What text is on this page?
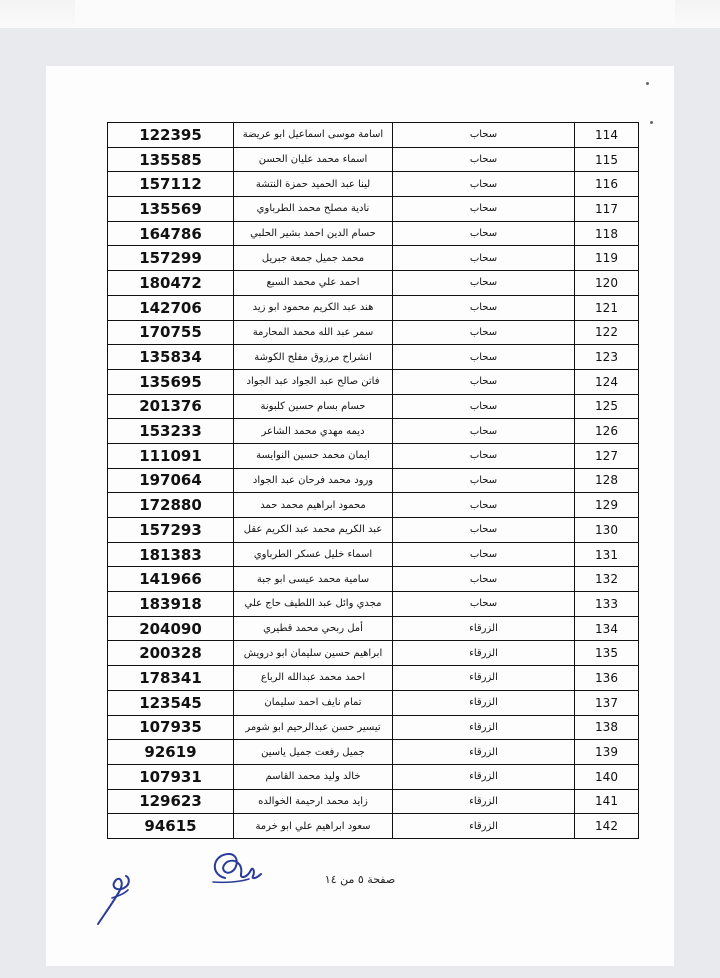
122395	اسامة موسى اسماعيل ابو عريضة	سحاب	114
135585	اسماء محمد عليان الحسن	سحاب	115
157112	لينا عبد الحميد حمزة النتشة	سحاب	116
135569	نادية مصلح محمد الطرباوي	سحاب	117
164786	حسام الدين احمد بشير الحلبي	سحاب	118
157299	محمد جميل جمعة جبريل	سحاب	119
180472	احمد علي محمد السبع	سحاب	120
142706	هند عبد الكريم محمود ابو زيد	سحاب	121
170755	سمر عبد الله محمد المحارمة	سحاب	122
135834	انشراح مرزوق مفلح الكوشة	سحاب	123
135695	فاتن صالح عبد الجواد عبد الجواد	سحاب	124
201376	حسام بسام حسين كلبونة	سحاب	125
153233	ديمه مهدي محمد الشاعر	سحاب	126
111091	ايمان محمد حسين النوايسة	سحاب	127
197064	ورود محمد فرحان عبد الجواد	سحاب	128
172880	محمود ابراهيم محمد حمد	سحاب	129
157293	عبد الكريم محمد عبد الكريم عقل	سحاب	130
181383	اسماء خليل عسكر الطرباوي	سحاب	131
141966	سامية محمد عيسى ابو جبة	سحاب	132
183918	مجدي وائل عبد اللطيف حاج علي	سحاب	133
204090	أمل ربحي محمد قطيري	الزرقاء	134
200328	ابراهيم حسين سليمان ابو درويش	الزرقاء	135
178341	احمد محمد عبدالله الرباع	الزرقاء	136
123545	تمام نايف احمد سليمان	الزرقاء	137
107935	تيسير حسن عبدالرحيم ابو شومر	الزرقاء	138
92619	جميل رفعت جميل ياسين	الزرقاء	139
107931	خالد وليد محمد القاسم	الزرقاء	140
129623	زايد محمد ارحيمة الخوالده	الزرقاء	141
94615	سعود ابراهيم علي ابو خرمة	الزرقاء	142
صفحة ٥ من ١٤
